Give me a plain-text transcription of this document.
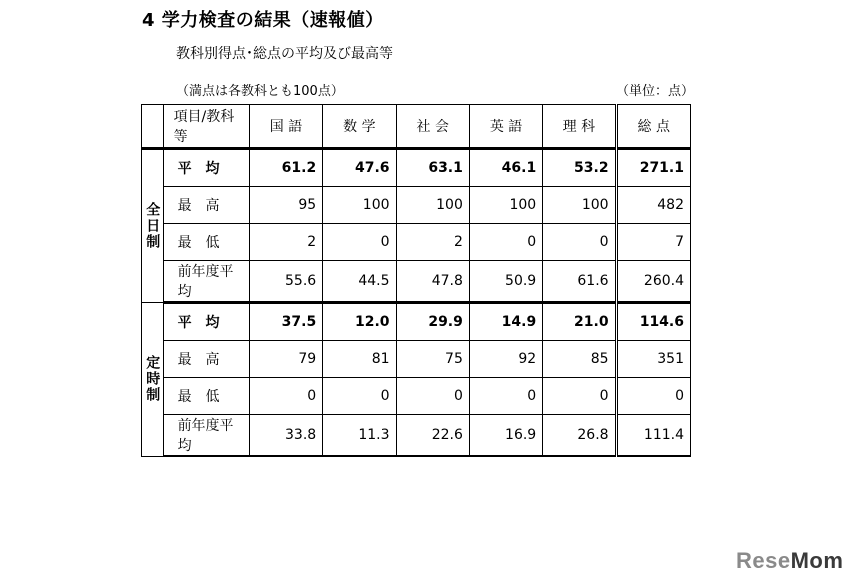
4 学力検査の結果（速報値）
教科別得点･総点の平均及び最高等
（満点は各教科とも100点）	（単位：点）
	項目/教科等	国 語	数 学	社 会	英 語	理 科	総 点
全日制	平均	61.2	47.6	63.1	46.1	53.2	271.1
	最高	95	100	100	100	100	482
	最低	2	0	2	0	0	7
	前年度平均	55.6	44.5	47.8	50.9	61.6	260.4
定時制	平均	37.5	12.0	29.9	14.9	21.0	114.6
	最高	79	81	75	92	85	351
	最低	0	0	0	0	0	0
	前年度平均	33.8	11.3	22.6	16.9	26.8	111.4
ReseMom
